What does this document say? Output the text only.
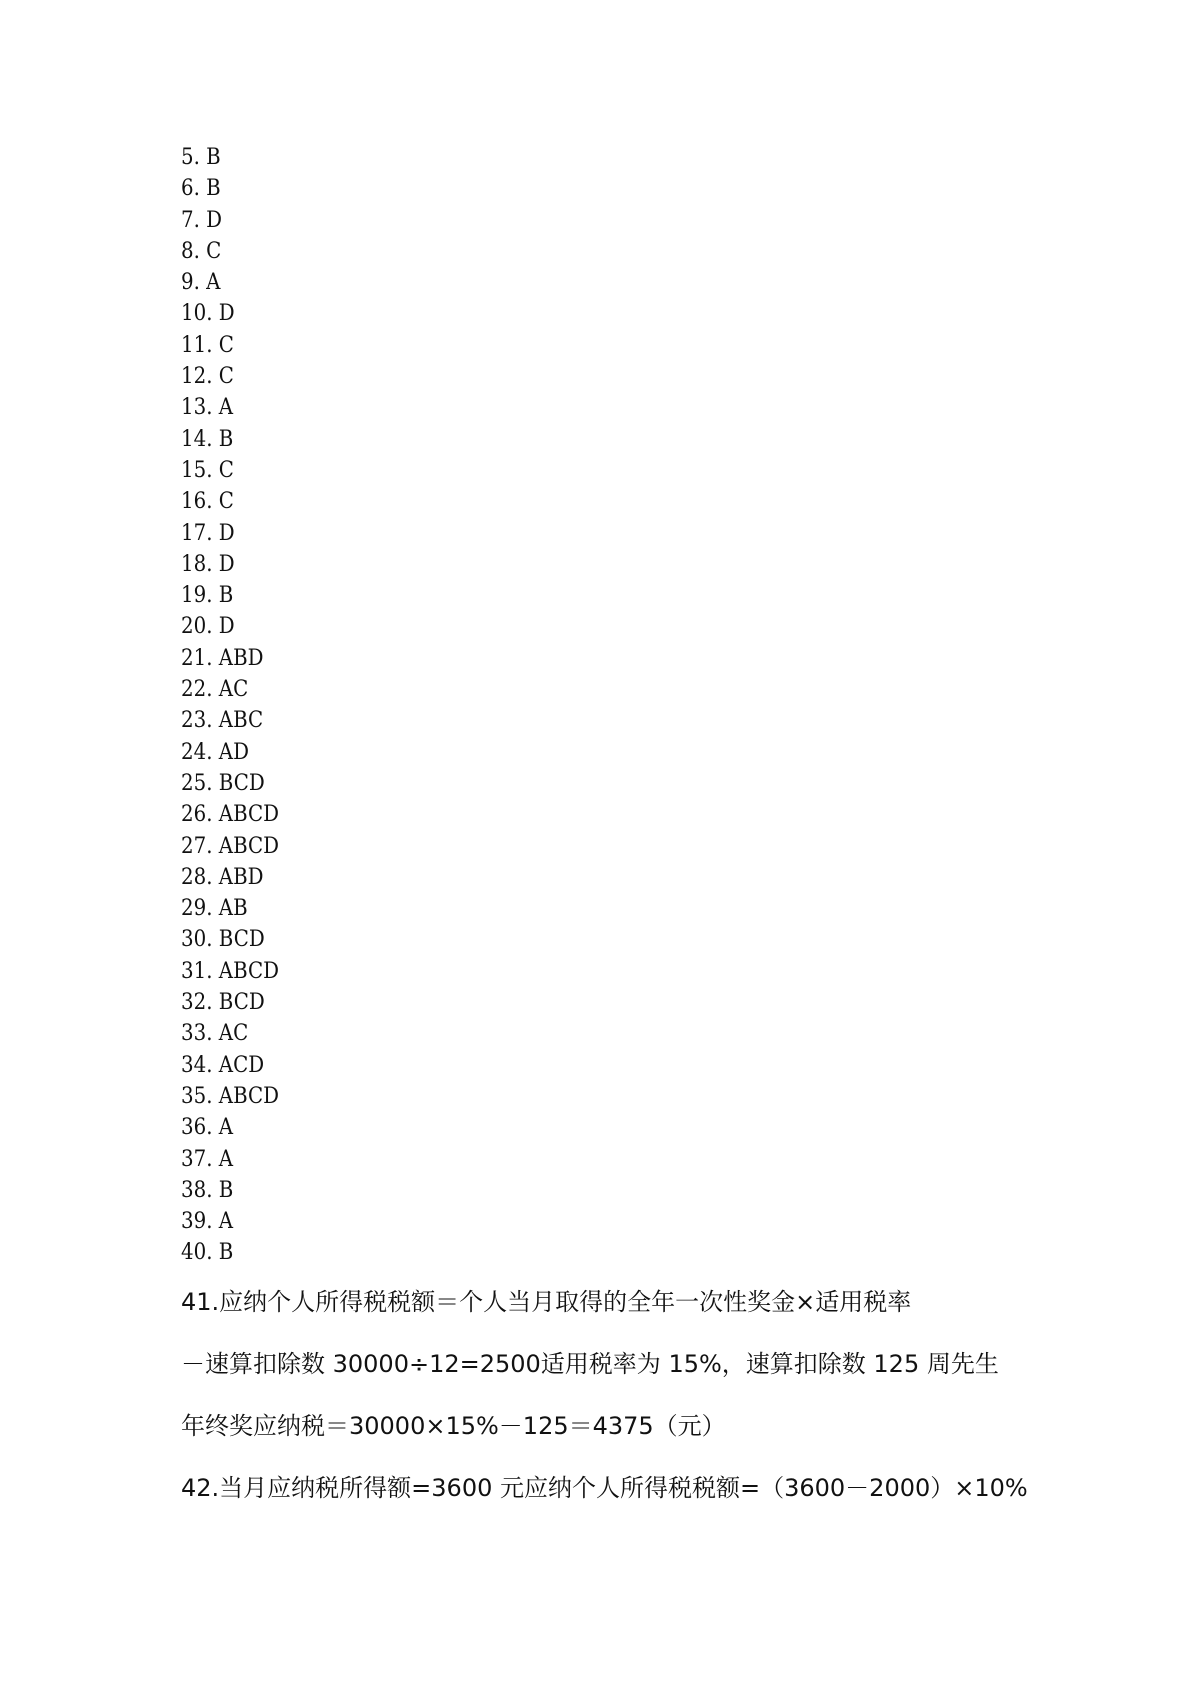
5. B
6. B
7. D
8. C
9. A
10. D
11. C
12. C
13. A
14. B
15. C
16. C
17. D
18. D
19. B
20. D
21. ABD
22. AC
23. ABC
24. AD
25. BCD
26. ABCD
27. ABCD
28. ABD
29. AB
30. BCD
31. ABCD
32. BCD
33. AC
34. ACD
35. ABCD
36. A
37. A
38. B
39. A
40. B

41.应纳个人所得税税额＝个人当月取得的全年一次性奖金×适用税率

－速算扣除数 30000÷12=2500适用税率为 15%，速算扣除数 125 周先生

年终奖应纳税＝30000×15%－125＝4375（元）

42.当月应纳税所得额=3600 元应纳个人所得税税额=（3600－2000）×10%
